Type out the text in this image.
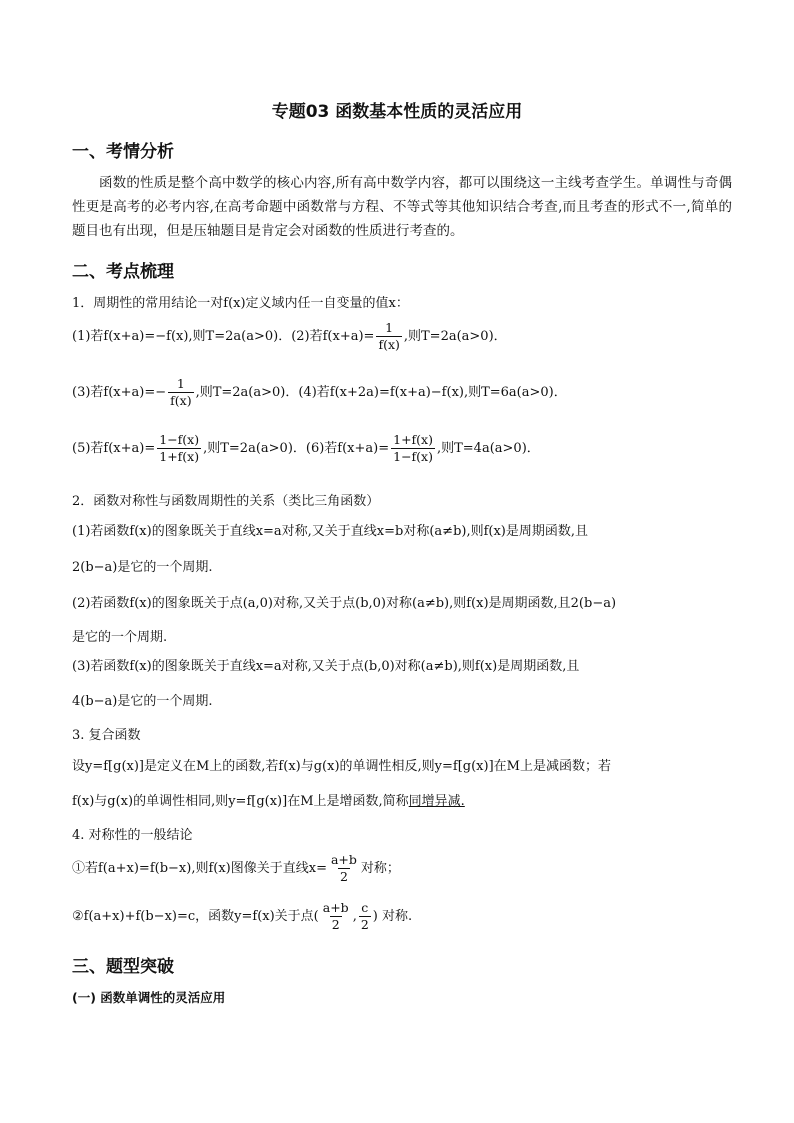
专题03 函数基本性质的灵活应用
一、考情分析

函数的性质是整个高中数学的核心内容,所有高中数学内容，都可以围绕这一主线考查学生。单调性与奇偶性更是高考的必考内容,在高考命题中函数常与方程、不等式等其他知识结合考查,而且考查的形式不一,简单的题目也有出现，但是压轴题目是肯定会对函数的性质进行考查的。

二、考点梳理
1．周期性的常用结论一对f(x)定义域内任一自变量的值x：
(1)若f(x+a)=−f(x),则T=2a(a>0)．(2)若$f(x+a)= \frac{1}{f(x)}$ ,则T=2a(a>0)．
(3)若$f(x+a)=- \frac{1}{f(x)}$ ,则T=2a(a>0)．(4)若f(x+2a)=f(x+a)−f(x),则T=6a(a>0)．
(5)若$f(x+a)= \frac{1-f(x)}{1+f(x)}$ ,则T=2a(a>0)．(6)若$f(x+a)= \frac{1+f(x)}{1-f(x)}$ ,则T=4a(a>0)．
2．函数对称性与函数周期性的关系（类比三角函数）
(1)若函数f(x)的图象既关于直线x=a对称,又关于直线x=b对称(a≠b),则f(x)是周期函数,且
2(b−a)是它的一个周期.
(2)若函数f(x)的图象既关于点(a,0)对称,又关于点(b,0)对称(a≠b),则f(x)是周期函数,且2(b−a)
是它的一个周期.
(3)若函数f(x)的图象既关于直线x=a对称,又关于点(b,0)对称(a≠b),则f(x)是周期函数,且
4(b−a)是它的一个周期.
3. 复合函数
设y=f[g(x)]是定义在M上的函数,若f(x)与g(x)的单调性相反,则y=f[g(x)]在M上是减函数；若
f(x)与g(x)的单调性相同,则y=f[g(x)]在M上是增函数,简称同增异减.
4. 对称性的一般结论
①若f(a+x)=f(b−x),则f(x)图像关于直线$x= \frac{a+b}{2}$ 对称；
②f(a+x)+f(b−x)=c，函数y=f(x)关于点( $\frac{a+b}{2}$ , $\frac{c}{2}$ ) 对称.
三、题型突破
(一) 函数单调性的灵活应用
